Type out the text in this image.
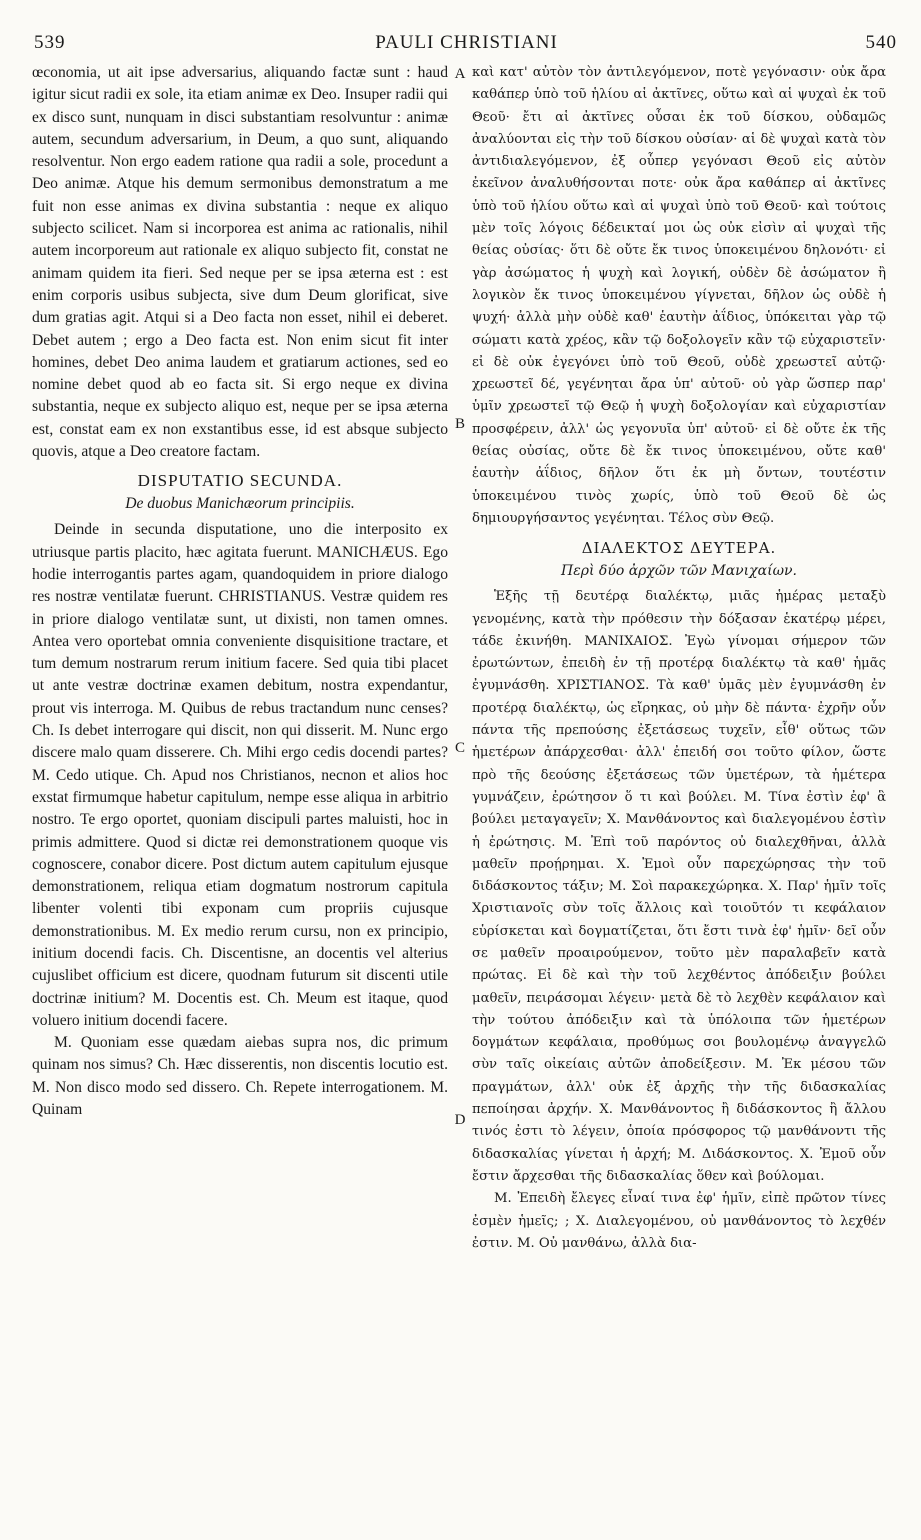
539	PAULI CHRISTIANI	540

œconomia, ut ait ipse adversarius, aliquando factæ sunt : haud igitur sicut radii ex sole, ita etiam animæ ex Deo. Insuper radii qui ex disco sunt, nunquam in disci substantiam resolvuntur : animæ autem, secundum adversarium, in Deum, a quo sunt, aliquando resolventur. Non ergo eadem ratione qua radii a sole, procedunt a Deo animæ. Atque his demum sermonibus demonstratum a me fuit non esse animas ex divina substantia : neque ex aliquo subjecto scilicet. Nam si incorporea est anima ac rationalis, nihil autem incorporeum aut rationale ex aliquo subjecto fit, constat ne animam quidem ita fieri. Sed neque per se ipsa æterna est : est enim corporis usibus subjecta, sive dum Deum glorificat, sive dum gratias agit. Atqui si a Deo facta non esset, nihil ei deberet. Debet autem ; ergo a Deo facta est. Non enim sicut fit inter homines, debet Deo anima laudem et gratiarum actiones, sed eo nomine debet quod ab eo facta sit. Si ergo neque ex divina substantia, neque ex subjecto aliquo est, neque per se ipsa æterna est, constat eam ex non exstantibus esse, id est absque subjecto quovis, atque a Deo creatore factam.

DISPUTATIO SECUNDA.
De duobus Manichæorum principiis.

Deinde in secunda disputatione, uno die interposito ex utriusque partis placito, hæc agitata fuerunt. MANICHÆUS. Ego hodie interrogantis partes agam, quandoquidem in priore dialogo res nostræ ventilatæ fuerunt. CHRISTIANUS. Vestræ quidem res in priore dialogo ventilatæ sunt, ut dixisti, non tamen omnes. Antea vero oportebat omnia conveniente disquisitione tractare, et tum demum nostrarum rerum initium facere. Sed quia tibi placet ut ante vestræ doctrinæ examen debitum, nostra expendantur, prout vis interroga. M. Quibus de rebus tractandum nunc censes? Ch. Is debet interrogare qui discit, non qui disserit. M. Nunc ergo discere malo quam disserere. Ch. Mihi ergo cedis docendi partes? M. Cedo utique. Ch. Apud nos Christianos, necnon et alios hoc exstat firmumque habetur capitulum, nempe esse aliqua in arbitrio nostro. Te ergo oportet, quoniam discipuli partes maluisti, hoc in primis admittere. Quod si dictæ rei demonstrationem quoque vis cognoscere, conabor dicere. Post dictum autem capitulum ejusque demonstrationem, reliqua etiam dogmatum nostrorum capitula libenter volenti tibi exponam cum propriis cujusque demonstrationibus. M. Ex medio rerum cursu, non ex principio, initium docendi facis. Ch. Discentisne, an docentis vel alterius cujuslibet officium est dicere, quodnam futurum sit discenti utile doctrinæ initium? M. Docentis est. Ch. Meum est itaque, quod voluero initium docendi facere.

M. Quoniam esse quædam aiebas supra nos, dic primum quinam nos simus? Ch. Hæc disserentis, non discentis locutio est. M. Non disco modo sed dissero. Ch. Repete interrogationem. M. Quinam

A
B
C
D

καὶ κατ' αὐτὸν τὸν ἀντιλεγόμενον, ποτὲ γεγόνασιν· οὐκ ἄρα καθάπερ ὑπὸ τοῦ ἡλίου αἱ ἀκτῖνες, οὕτω καὶ αἱ ψυχαὶ ἐκ τοῦ Θεοῦ· ἔτι αἱ ἀκτῖνες οὖσαι ἐκ τοῦ δίσκου, οὐδαμῶς ἀναλύονται εἰς τὴν τοῦ δίσκου οὐσίαν· αἱ δὲ ψυχαὶ κατὰ τὸν ἀντιδιαλεγόμενον, ἐξ οὗπερ γεγόνασι Θεοῦ εἰς αὐτὸν ἐκεῖνον ἀναλυθήσονται ποτε· οὐκ ἄρα καθάπερ αἱ ἀκτῖνες ὑπὸ τοῦ ἡλίου οὕτω καὶ αἱ ψυχαὶ ὑπὸ τοῦ Θεοῦ· καὶ τούτοις μὲν τοῖς λόγοις δέδεικταί μοι ὡς οὐκ εἰσὶν αἱ ψυχαὶ τῆς θείας οὐσίας· ὅτι δὲ οὔτε ἔκ τινος ὑποκειμένου δηλονότι· εἰ γὰρ ἀσώματος ἡ ψυχὴ καὶ λογική, οὐδὲν δὲ ἀσώματον ἢ λογικὸν ἔκ τινος ὑποκειμένου γίγνεται, δῆλον ὡς οὐδὲ ἡ ψυχή· ἀλλὰ μὴν οὐδὲ καθ' ἑαυτὴν ἀΐδιος, ὑπόκειται γὰρ τῷ σώματι κατὰ χρέος, κἂν τῷ δοξολογεῖν κἂν τῷ εὐχαριστεῖν· εἰ δὲ οὐκ ἐγεγόνει ὑπὸ τοῦ Θεοῦ, οὐδὲ χρεωστεῖ αὐτῷ· χρεωστεῖ δέ, γεγένηται ἄρα ὑπ' αὐτοῦ· οὐ γὰρ ὥσπερ παρ' ὑμῖν χρεωστεῖ τῷ Θεῷ ἡ ψυχὴ δοξολογίαν καὶ εὐχαριστίαν προσφέρειν, ἀλλ' ὡς γεγονυῖα ὑπ' αὐτοῦ· εἰ δὲ οὔτε ἐκ τῆς θείας οὐσίας, οὔτε δὲ ἔκ τινος ὑποκειμένου, οὔτε καθ' ἑαυτὴν ἀΐδιος, δῆλον ὅτι ἐκ μὴ ὄντων, τουτέστιν ὑποκειμένου τινὸς χωρίς, ὑπὸ τοῦ Θεοῦ δὲ ὡς δημιουργήσαντος γεγένηται. Τέλος σὺν Θεῷ.

ΔΙΑΛΕΚΤΟΣ ΔΕΥΤΕΡΑ.
Περὶ δύο ἀρχῶν τῶν Μανιχαίων.

Ἑξῆς τῇ δευτέρᾳ διαλέκτῳ, μιᾶς ἡμέρας μεταξὺ γενομένης, κατὰ τὴν πρόθεσιν τὴν δόξασαν ἑκατέρῳ μέρει, τάδε ἐκινήθη. ΜΑΝΙΧΑΙΟΣ. Ἐγὼ γίνομαι σήμερον τῶν ἐρωτώντων, ἐπειδὴ ἐν τῇ προτέρᾳ διαλέκτῳ τὰ καθ' ἡμᾶς ἐγυμνάσθη. ΧΡΙΣΤΙΑΝΟΣ. Τὰ καθ' ὑμᾶς μὲν ἐγυμνάσθη ἐν προτέρᾳ διαλέκτῳ, ὡς εἴρηκας, οὐ μὴν δὲ πάντα· ἐχρῆν οὖν πάντα τῆς πρεπούσης ἐξετάσεως τυχεῖν, εἶθ' οὕτως τῶν ἡμετέρων ἀπάρχεσθαι· ἀλλ' ἐπειδή σοι τοῦτο φίλον, ὥστε πρὸ τῆς δεούσης ἐξετάσεως τῶν ὑμετέρων, τὰ ἡμέτερα γυμνάζειν, ἐρώτησον ὅ τι καὶ βούλει. Μ. Τίνα ἐστὶν ἐφ' ἃ βούλει μεταγαγεῖν; Χ. Μανθάνοντος καὶ διαλεγομένου ἐστὶν ἡ ἐρώτησις. Μ. Ἐπὶ τοῦ παρόντος οὐ διαλεχθῆναι, ἀλλὰ μαθεῖν προῄρημαι. Χ. Ἐμοὶ οὖν παρεχώρησας τὴν τοῦ διδάσκοντος τάξιν; Μ. Σοὶ παρακεχώρηκα. Χ. Παρ' ἡμῖν τοῖς Χριστιανοῖς σὺν τοῖς ἄλλοις καὶ τοιοῦτόν τι κεφάλαιον εὑρίσκεται καὶ δογματίζεται, ὅτι ἔστι τινὰ ἐφ' ἡμῖν· δεῖ οὖν σε μαθεῖν προαιρούμενον, τοῦτο μὲν παραλαβεῖν κατὰ πρώτας. Εἰ δὲ καὶ τὴν τοῦ λεχθέντος ἀπόδειξιν βούλει μαθεῖν, πειράσομαι λέγειν· μετὰ δὲ τὸ λεχθὲν κεφάλαιον καὶ τὴν τούτου ἀπόδειξιν καὶ τὰ ὑπόλοιπα τῶν ἡμετέρων δογμάτων κεφάλαια, προθύμως σοι βουλομένῳ ἀναγγελῶ σὺν ταῖς οἰκείαις αὐτῶν ἀποδείξεσιν. Μ. Ἐκ μέσου τῶν πραγμάτων, ἀλλ' οὐκ ἐξ ἀρχῆς τὴν τῆς διδασκαλίας πεποίησαι ἀρχήν. Χ. Μανθάνοντος ἢ διδάσκοντος ἢ ἄλλου τινός ἐστι τὸ λέγειν, ὁποία πρόσφορος τῷ μανθάνοντι τῆς διδασκαλίας γίνεται ἡ ἀρχή; Μ. Διδάσκοντος. Χ. Ἐμοῦ οὖν ἔστιν ἄρχεσθαι τῆς διδασκαλίας ὅθεν καὶ βούλομαι.

Μ. Ἐπειδὴ ἔλεγες εἶναί τινα ἐφ' ἡμῖν, εἰπὲ πρῶτον τίνες ἐσμὲν ἡμεῖς; ; Χ. Διαλεγομένου, οὐ μανθάνοντος τὸ λεχθέν ἐστιν. Μ. Οὐ μανθάνω, ἀλλὰ δια-
